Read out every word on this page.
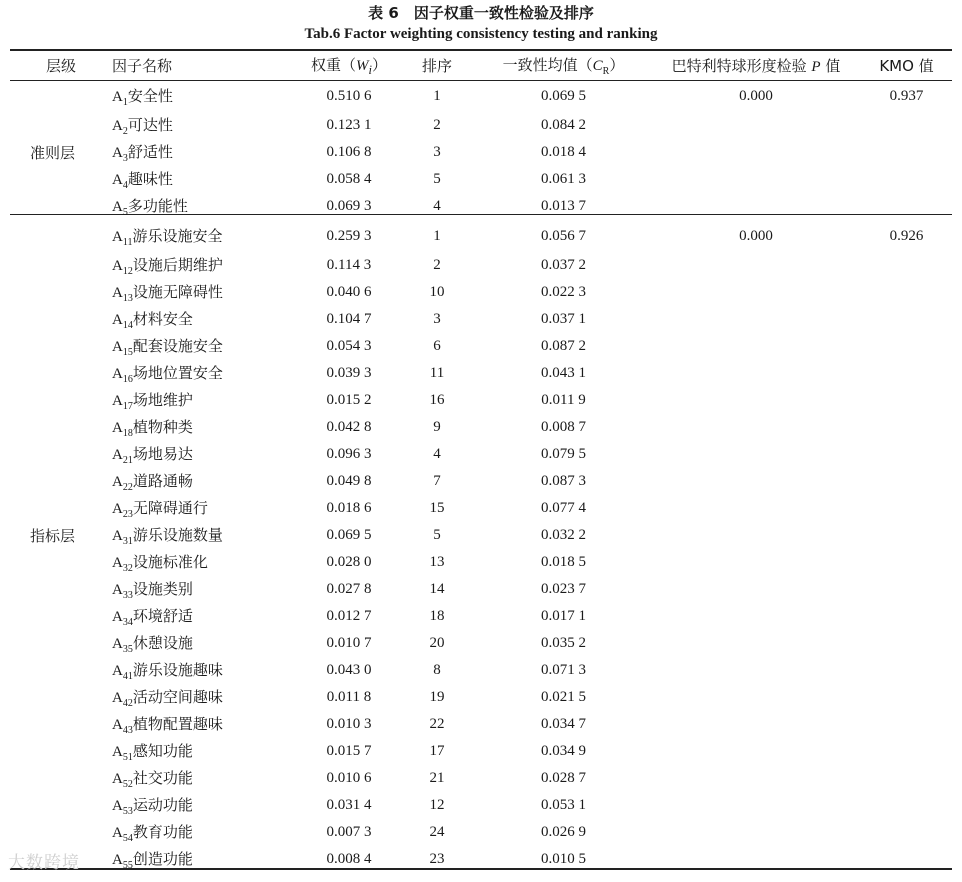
表 6　因子权重一致性检验及排序
Tab.6 Factor weighting consistency testing and ranking
层级	因子名称	权重$(W_i)$	排序	一致性均值$(C_R)$	巴特利特球形度检验 P 值	KMO 值
	$A_1$安全性	0.510 6	1	0.069 5	0.000	0.937
	$A_2$可达性	0.123 1	2	0.084 2		
准则层	$A_3$舒适性	0.106 8	3	0.018 4		
	$A_4$趣味性	0.058 4	5	0.061 3		
	$A_5$多功能性	0.069 3	4	0.013 7		
	$A_{11}$游乐设施安全	0.259 3	1	0.056 7	0.000	0.926
	$A_{12}$设施后期维护	0.114 3	2	0.037 2		
	$A_{13}$设施无障碍性	0.040 6	10	0.022 3		
	$A_{14}$材料安全	0.104 7	3	0.037 1		
	$A_{15}$配套设施安全	0.054 3	6	0.087 2		
	$A_{16}$场地位置安全	0.039 3	11	0.043 1		
	$A_{17}$场地维护	0.015 2	16	0.011 9		
	$A_{18}$植物种类	0.042 8	9	0.008 7		
	$A_{21}$场地易达	0.096 3	4	0.079 5		
	$A_{22}$道路通畅	0.049 8	7	0.087 3		
	$A_{23}$无障碍通行	0.018 6	15	0.077 4		
指标层	$A_{31}$游乐设施数量	0.069 5	5	0.032 2		
	$A_{32}$设施标准化	0.028 0	13	0.018 5		
	$A_{33}$设施类别	0.027 8	14	0.023 7		
	$A_{34}$环境舒适	0.012 7	18	0.017 1		
	$A_{35}$休憩设施	0.010 7	20	0.035 2		
	$A_{41}$游乐设施趣味	0.043 0	8	0.071 3		
	$A_{42}$活动空间趣味	0.011 8	19	0.021 5		
	$A_{43}$植物配置趣味	0.010 3	22	0.034 7		
	$A_{51}$感知功能	0.015 7	17	0.034 9		
	$A_{52}$社交功能	0.010 6	21	0.028 7		
	$A_{53}$运动功能	0.031 4	12	0.053 1		
	$A_{54}$教育功能	0.007 3	24	0.026 9		
	$A_{55}$创造功能	0.008 4	23	0.010 5		
大数跨境
